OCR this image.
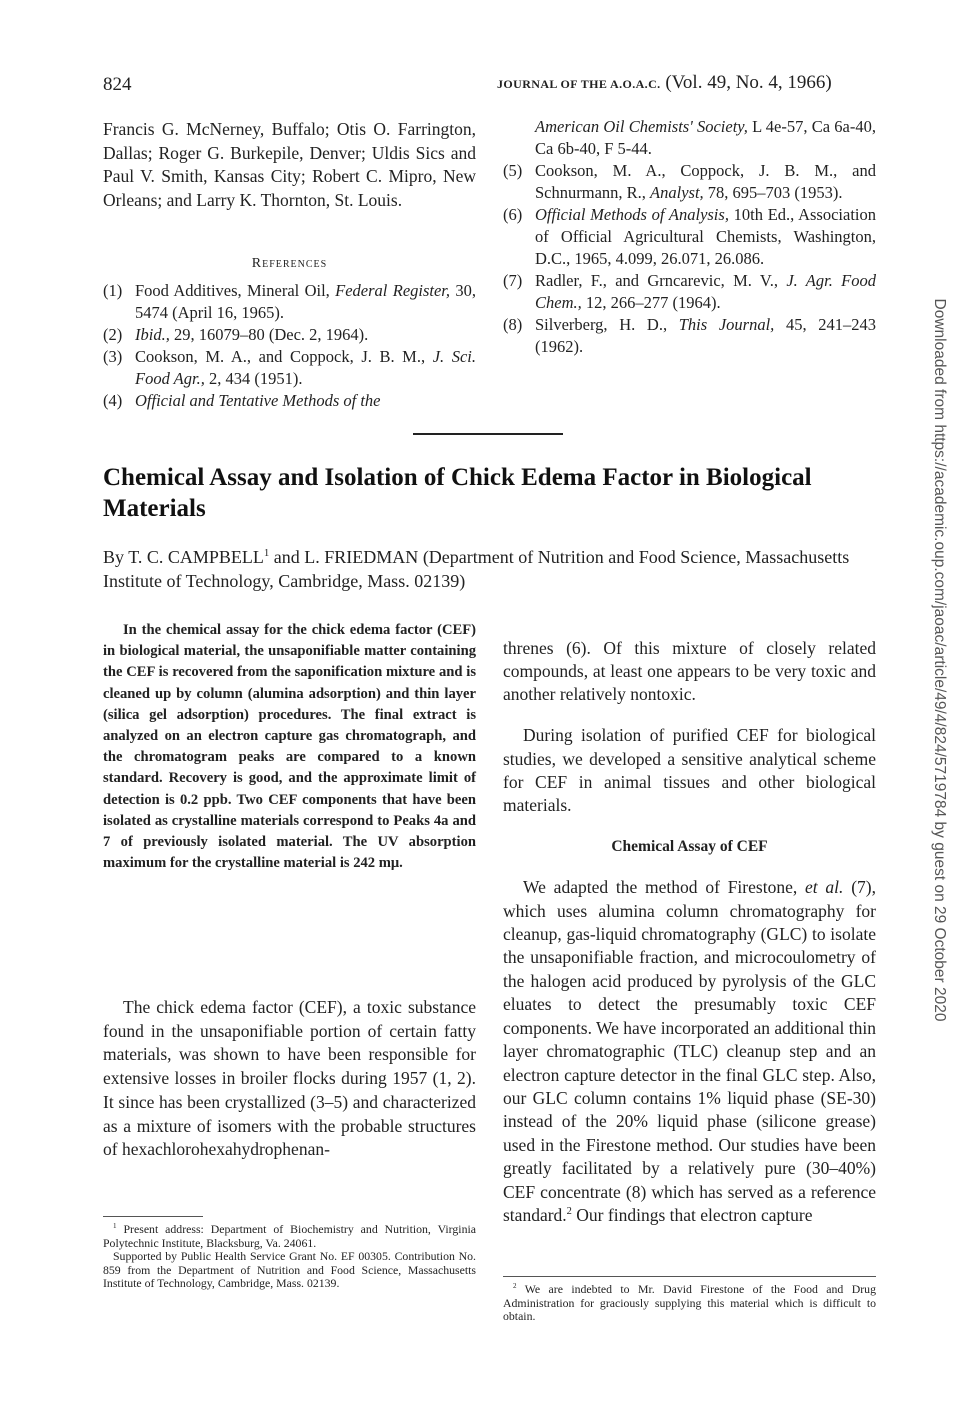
824	JOURNAL OF THE A.O.A.C. (Vol. 49, No. 4, 1966)
Francis G. McNerney, Buffalo; Otis O. Farrington, Dallas; Roger G. Burkepile, Denver; Uldis Sics and Paul V. Smith, Kansas City; Robert C. Mipro, New Orleans; and Larry K. Thornton, St. Louis.
References
(1) Food Additives, Mineral Oil, Federal Register, 30, 5474 (April 16, 1965).
(2) Ibid., 29, 16079–80 (Dec. 2, 1964).
(3) Cookson, M. A., and Coppock, J. B. M., J. Sci. Food Agr., 2, 434 (1951).
(4) Official and Tentative Methods of the
American Oil Chemists' Society, L 4e-57, Ca 6a-40, Ca 6b-40, F 5-44.
(5) Cookson, M. A., Coppock, J. B. M., and Schnurmann, R., Analyst, 78, 695–703 (1953).
(6) Official Methods of Analysis, 10th Ed., Association of Official Agricultural Chemists, Washington, D.C., 1965, 4.099, 26.071, 26.086.
(7) Radler, F., and Grncarevic, M. V., J. Agr. Food Chem., 12, 266–277 (1964).
(8) Silverberg, H. D., This Journal, 45, 241–243 (1962).
Chemical Assay and Isolation of Chick Edema Factor in Biological Materials
By T. C. CAMPBELL$^1$ and L. FRIEDMAN (Department of Nutrition and Food Science, Massachusetts Institute of Technology, Cambridge, Mass. 02139)
In the chemical assay for the chick edema factor (CEF) in biological material, the unsaponifiable matter containing the CEF is recovered from the saponification mixture and is cleaned up by column (alumina adsorption) and thin layer (silica gel adsorption) procedures. The final extract is analyzed on an electron capture gas chromatograph, and the chromatogram peaks are compared to a known standard. Recovery is good, and the approximate limit of detection is 0.2 ppb. Two CEF components that have been isolated as crystalline materials correspond to Peaks 4a and 7 of previously isolated material. The UV absorption maximum for the crystalline material is 242 mμ.
The chick edema factor (CEF), a toxic substance found in the unsaponifiable portion of certain fatty materials, was shown to have been responsible for extensive losses in broiler flocks during 1957 (1, 2). It since has been crystallized (3–5) and characterized as a mixture of isomers with the probable structures of hexachlorohexahydrophenan-

threnes (6). Of this mixture of closely related compounds, at least one appears to be very toxic and another relatively nontoxic.

During isolation of purified CEF for biological studies, we developed a sensitive analytical scheme for CEF in animal tissues and other biological materials.

Chemical Assay of CEF

We adapted the method of Firestone, et al. (7), which uses alumina column chromatography for cleanup, gas-liquid chromatography (GLC) to isolate the unsaponifiable fraction, and microcoulometry of the halogen acid produced by pyrolysis of the GLC eluates to detect the presumably toxic CEF components. We have incorporated an additional thin layer chromatographic (TLC) cleanup step and an electron capture detector in the final GLC step. Also, our GLC column contains 1% liquid phase (SE-30) instead of the 20% liquid phase (silicone grease) used in the Firestone method. Our studies have been greatly facilitated by a relatively pure (30–40%) CEF concentrate (8) which has served as a reference standard.$^2$ Our findings that electron capture

$^1$ Present address: Department of Biochemistry and Nutrition, Virginia Polytechnic Institute, Blacksburg, Va. 24061.

Supported by Public Health Service Grant No. EF 00305. Contribution No. 859 from the Department of Nutrition and Food Science, Massachusetts Institute of Technology, Cambridge, Mass. 02139.	$^2$ We are indebted to Mr. David Firestone of the Food and Drug Administration for graciously supplying this material which is difficult to obtain.
Downloaded from https://academic.oup.com/jaoac/article/49/4/824/5719784 by guest on 29 October 2020
